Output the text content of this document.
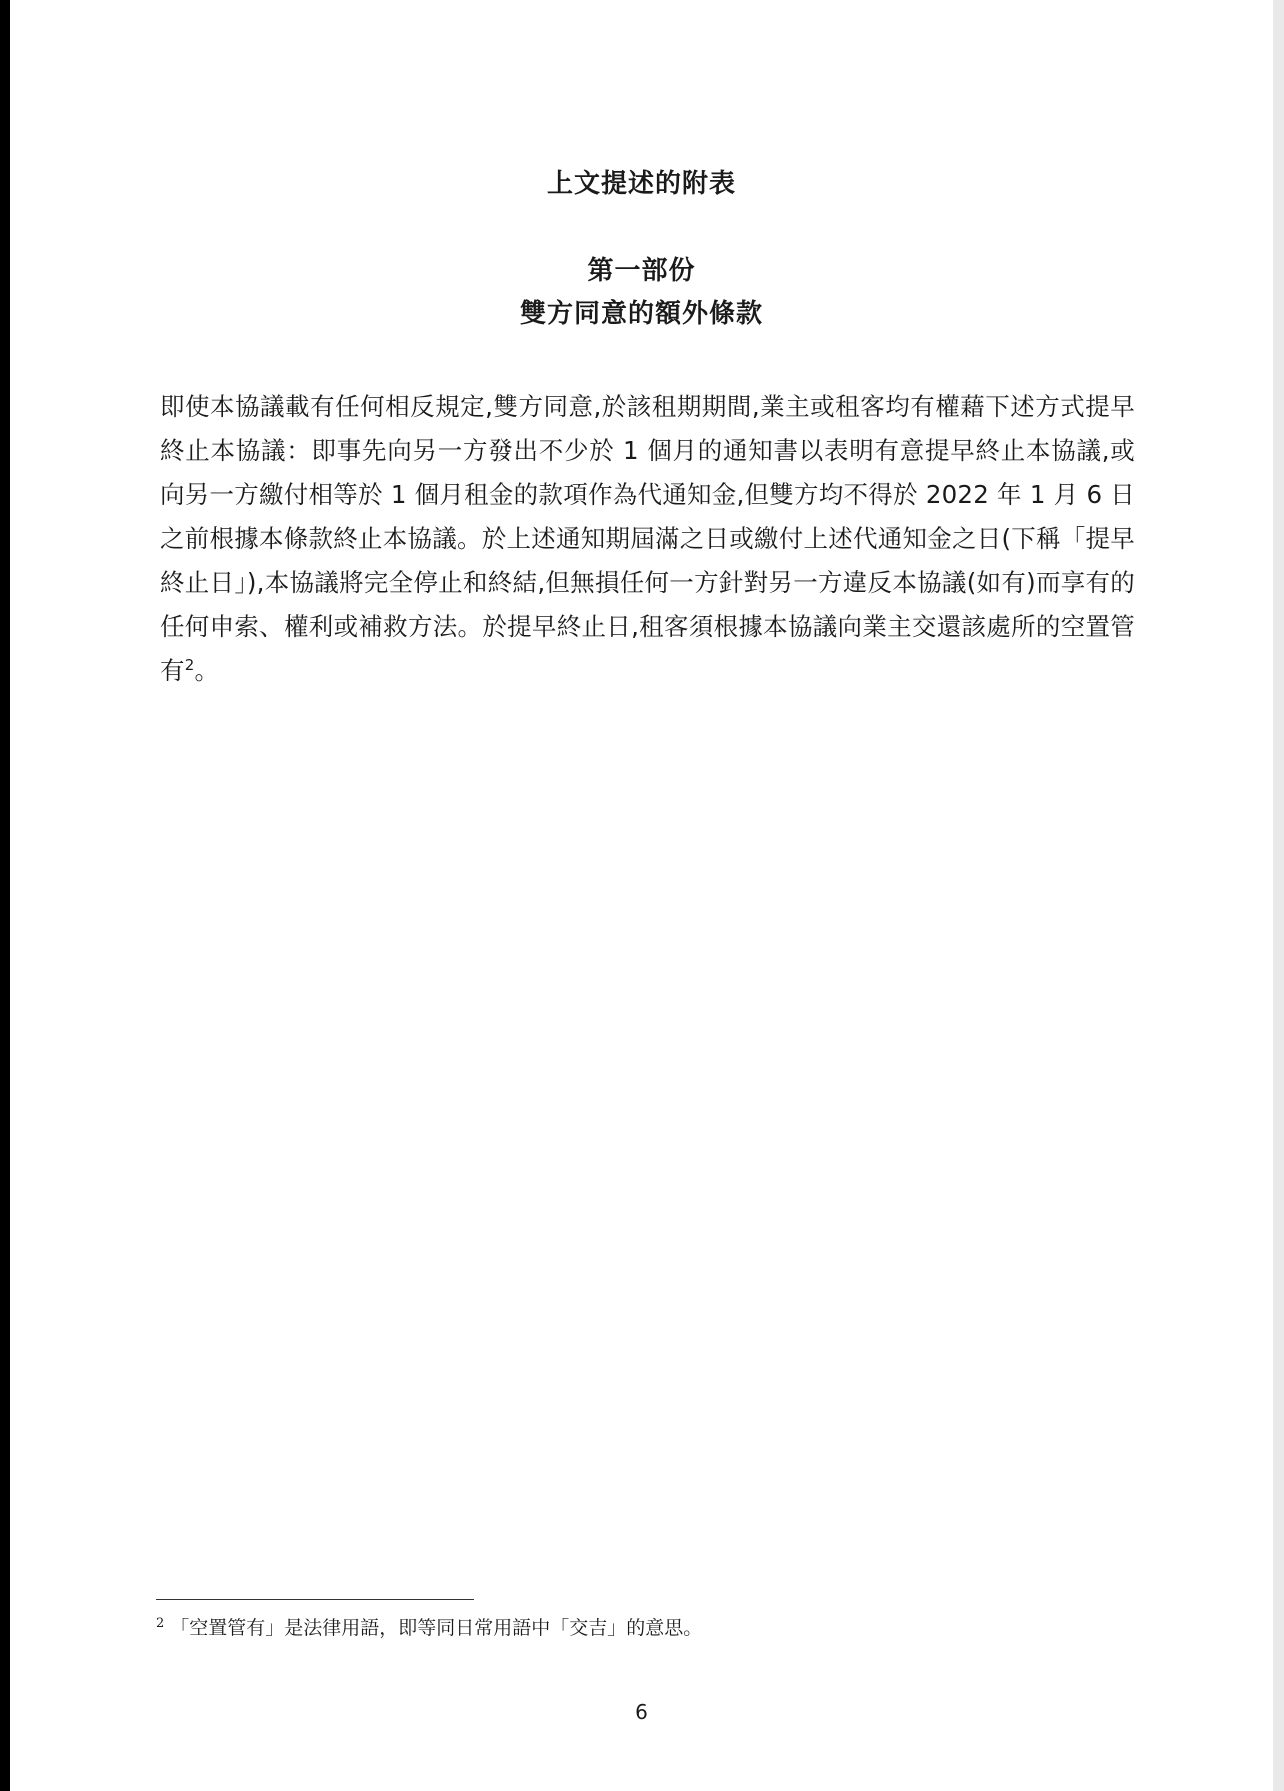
上文提述的附表
第一部份
雙方同意的額外條款

即使本協議載有任何相反規定,雙方同意,於該租期期間,業主或租客均有權藉下述方式提早終止本協議：即事先向另一方發出不少於 1 個月的通知書以表明有意提早終止本協議,或向另一方繳付相等於 1 個月租金的款項作為代通知金,但雙方均不得於 2022 年 1 月 6 日之前根據本條款終止本協議。於上述通知期屆滿之日或繳付上述代通知金之日(下稱「提早終止日」),本協議將完全停止和終結,但無損任何一方針對另一方違反本協議(如有)而享有的任何申索、權利或補救方法。於提早終止日,租客須根據本協議向業主交還該處所的空置管有$^2$。

$^2$ 「空置管有」是法律用語，即等同日常用語中「交吉」的意思。
6
